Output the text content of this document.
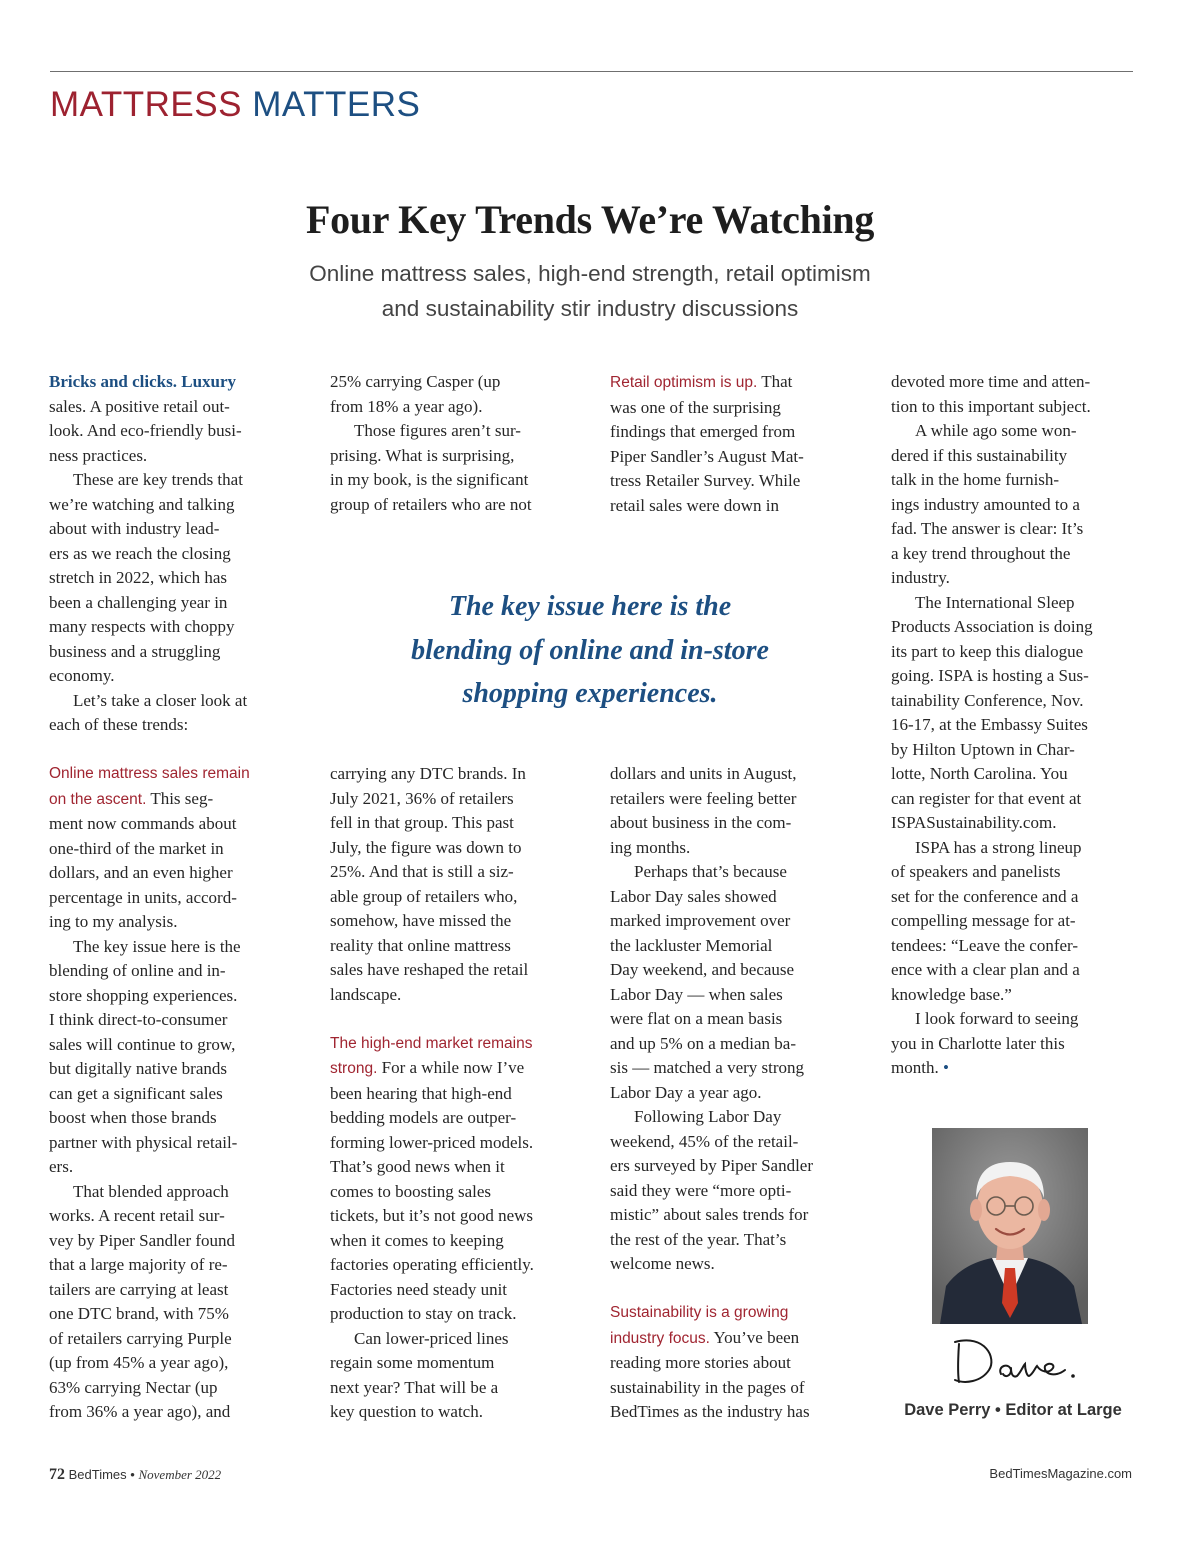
MATTRESS MATTERS
Four Key Trends We’re Watching
Online mattress sales, high-end strength, retail optimism
and sustainability stir industry discussions

Bricks and clicks. Luxury
sales. A positive retail out-
look. And eco-friendly busi-
ness practices.

These are key trends that
we’re watching and talking
about with industry lead-
ers as we reach the closing
stretch in 2022, which has
been a challenging year in
many respects with choppy
business and a struggling
economy.

Let’s take a closer look at
each of these trends:

Online mattress sales remain
on the ascent. This seg-
ment now commands about
one-third of the market in
dollars, and an even higher
percentage in units, accord-
ing to my analysis.

The key issue here is the
blending of online and in-
store shopping experiences.
I think direct-to-consumer
sales will continue to grow,
but digitally native brands
can get a significant sales
boost when those brands
partner with physical retail-
ers.

That blended approach
works. A recent retail sur-
vey by Piper Sandler found
that a large majority of re-
tailers are carrying at least
one DTC brand, with 75%
of retailers carrying Purple
(up from 45% a year ago),
63% carrying Nectar (up
from 36% a year ago), and

25% carrying Casper (up
from 18% a year ago).

Those figures aren’t sur-
prising. What is surprising,
in my book, is the significant
group of retailers who are not

carrying any DTC brands. In
July 2021, 36% of retailers
fell in that group. This past
July, the figure was down to
25%. And that is still a siz-
able group of retailers who,
somehow, have missed the
reality that online mattress
sales have reshaped the retail
landscape.

The high-end market remains
strong. For a while now I’ve
been hearing that high-end
bedding models are outper-
forming lower-priced models.
That’s good news when it
comes to boosting sales
tickets, but it’s not good news
when it comes to keeping
factories operating efficiently.
Factories need steady unit
production to stay on track.

Can lower-priced lines
regain some momentum
next year? That will be a
key question to watch.

Retail optimism is up. That
was one of the surprising
findings that emerged from
Piper Sandler’s August Mat-
tress Retailer Survey. While
retail sales were down in

dollars and units in August,
retailers were feeling better
about business in the com-
ing months.

Perhaps that’s because
Labor Day sales showed
marked improvement over
the lackluster Memorial
Day weekend, and because
Labor Day — when sales
were flat on a mean basis
and up 5% on a median ba-
sis — matched a very strong
Labor Day a year ago.

Following Labor Day
weekend, 45% of the retail-
ers surveyed by Piper Sandler
said they were “more opti-
mistic” about sales trends for
the rest of the year. That’s
welcome news.

Sustainability is a growing
industry focus. You’ve been
reading more stories about
sustainability in the pages of
BedTimes as the industry has

devoted more time and atten-
tion to this important subject.

A while ago some won-
dered if this sustainability
talk in the home furnish-
ings industry amounted to a
fad. The answer is clear: It’s
a key trend throughout the
industry.

The International Sleep
Products Association is doing
its part to keep this dialogue
going. ISPA is hosting a Sus-
tainability Conference, Nov.
16-17, at the Embassy Suites
by Hilton Uptown in Char-
lotte, North Carolina. You
can register for that event at
ISPASustainability.com.

ISPA has a strong lineup
of speakers and panelists
set for the conference and a
compelling message for at-
tendees: “Leave the confer-
ence with a clear plan and a
knowledge base.”

I look forward to seeing
you in Charlotte later this
month. •

The key issue here is the
blending of online and in-store
shopping experiences.

Dave Perry • Editor at Large

72 BedTimes • November 2022	BedTimesMagazine.com
